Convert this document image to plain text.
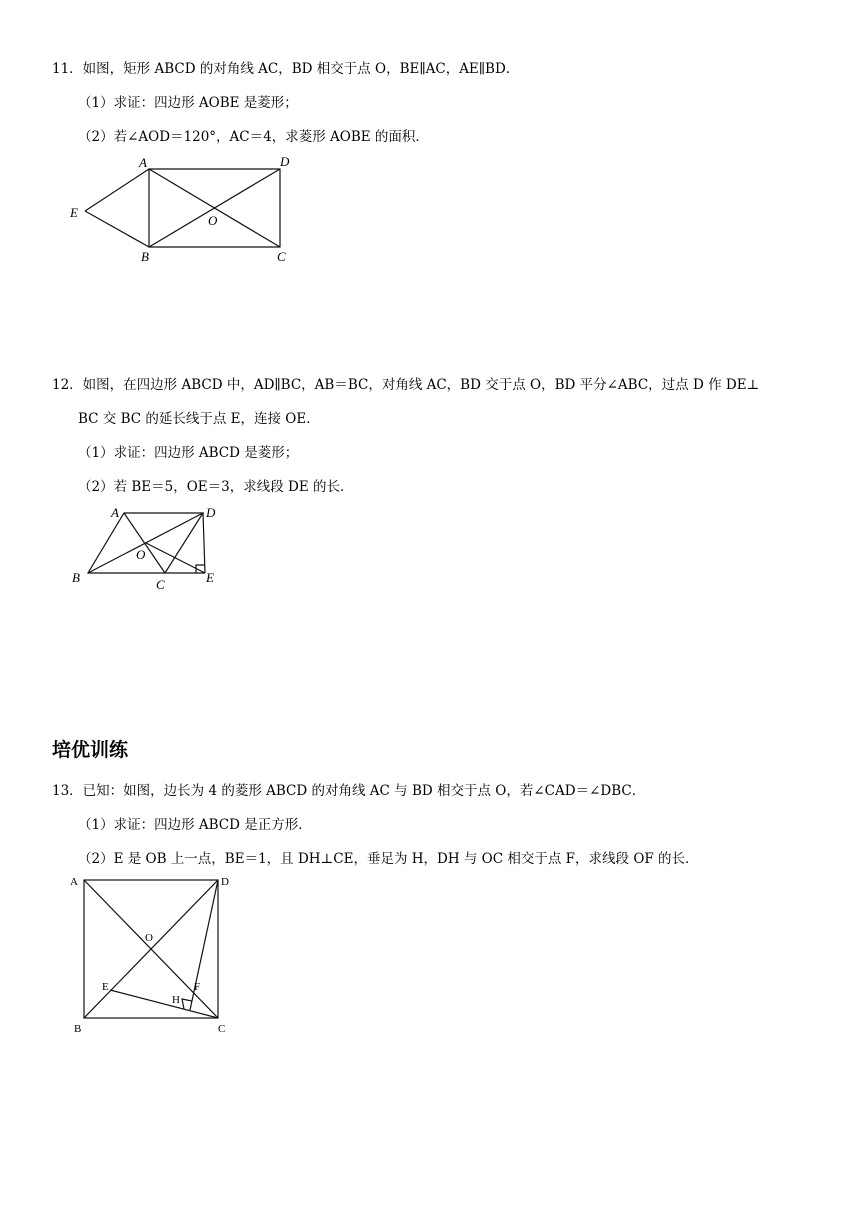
11．如图，矩形 ABCD 的对角线 AC，BD 相交于点 O，BE∥AC，AE∥BD．
（1）求证：四边形 AOBE 是菱形；
（2）若∠AOD＝120°，AC＝4，求菱形 AOBE 的面积．
A	D
E
O
B	C
12．如图，在四边形 ABCD 中，AD∥BC，AB＝BC，对角线 AC，BD 交于点 O，BD 平分∠ABC，过点 D 作 DE⊥
BC 交 BC 的延长线于点 E，连接 OE．
（1）求证：四边形 ABCD 是菱形；
（2）若 BE＝5，OE＝3，求线段 DE 的长．
A	D
O
B	C	E
培优训练
13．已知：如图，边长为 4 的菱形 ABCD 的对角线 AC 与 BD 相交于点 O，若∠CAD＝∠DBC．
（1）求证：四边形 ABCD 是正方形．
（2）E 是 OB 上一点，BE＝1，且 DH⊥CE，垂足为 H，DH 与 OC 相交于点 F，求线段 OF 的长．
A	D
O
E	F
H
B	C
